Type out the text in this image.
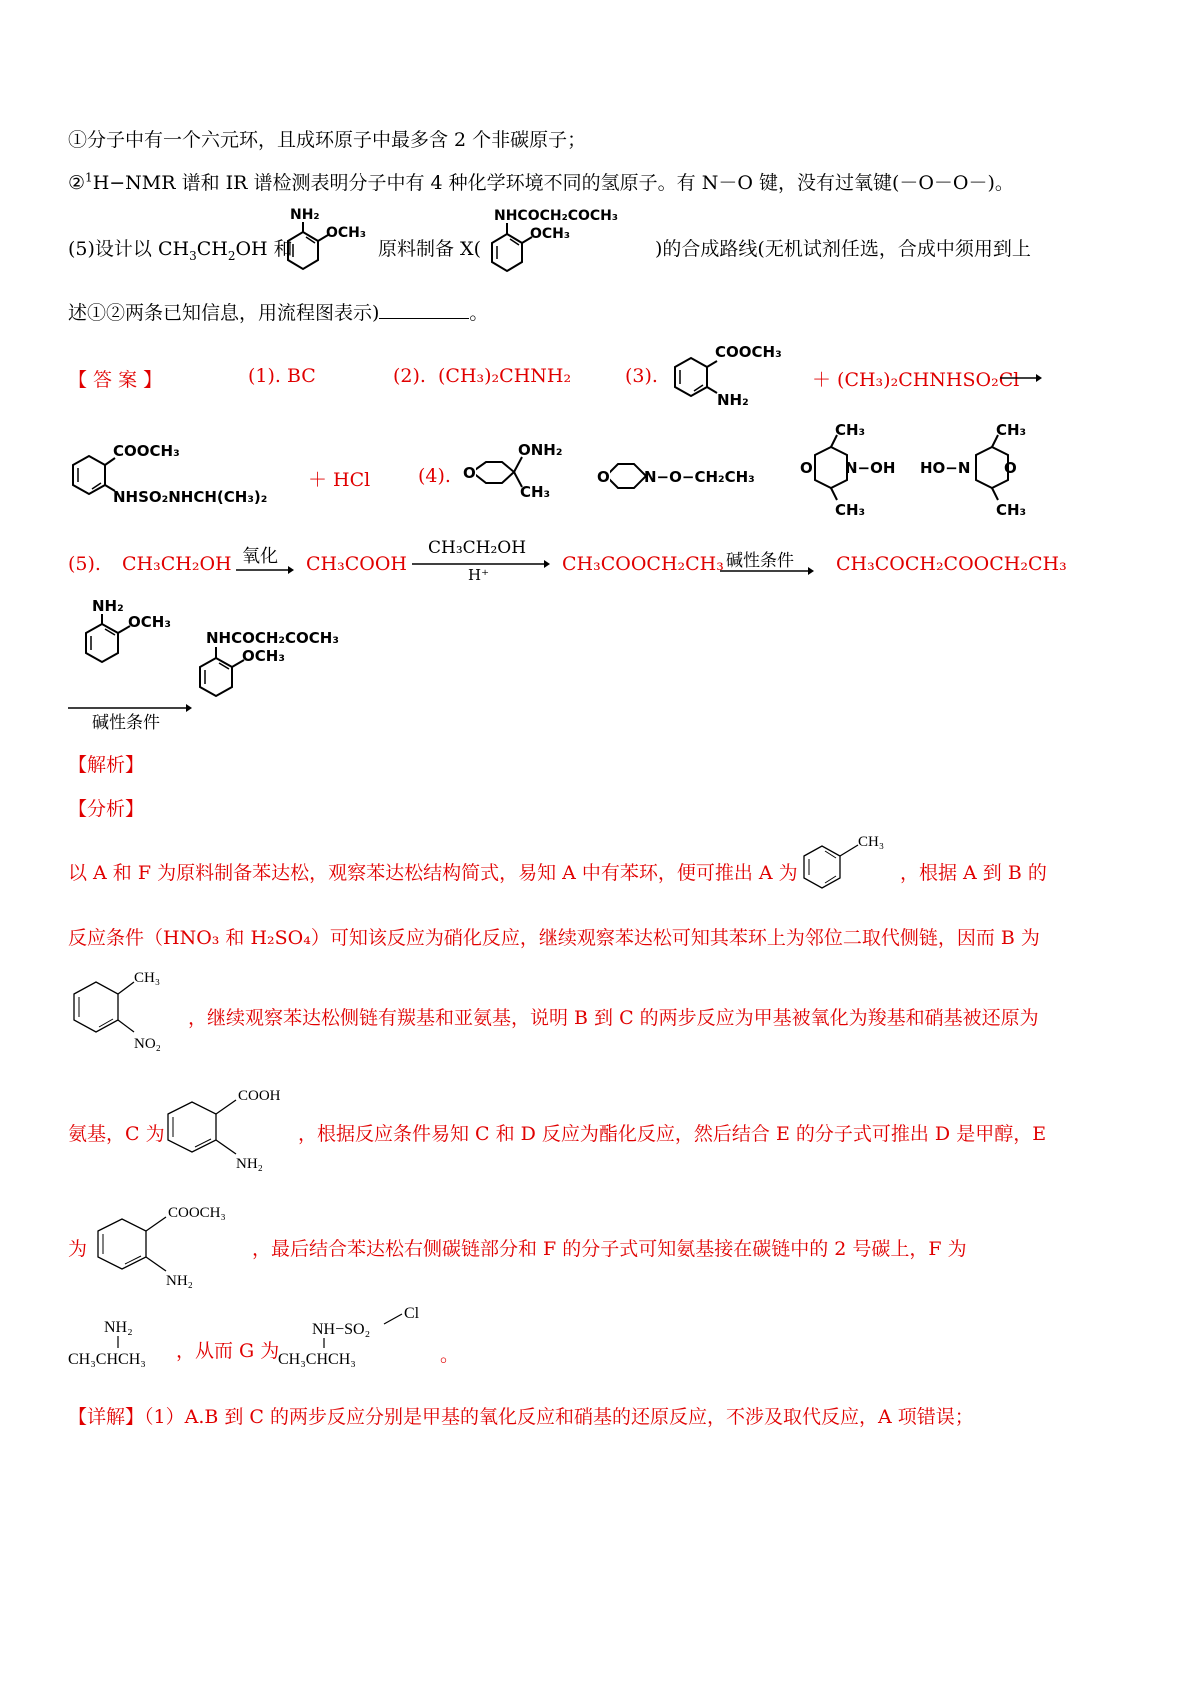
①分子中有一个六元环，且成环原子中最多含 2 个非碳原子；
②$^1$H−NMR 谱和 IR 谱检测表明分子中有 4 种化学环境不同的氢原子。有 N－O 键，没有过氧键(－O－O－)。
(5)设计以 $CH_3CH_2OH$ 和
NH₂
OCH₃
原料制备 X(
NHCOCH₂COCH₃
OCH₃
)的合成路线(无机试剂任选，合成中须用到上
述①②两条已知信息，用流程图表示)	。
【 答 案 】	(1). BC	(2). (CH₃)₂CHNH₂	(3).
COOCH₃
NH₂
＋ (CH₃)₂CHNHSO₂Cl
COOCH₃
NHSO₂NHCH(CH₃)₂
＋ HCl	(4). O
ONH₂
CH₃
O N−O−CH₂CH₃
CH₃
N−OH
O
CH₃
CH₃
HO−N O
CH₃
(5). CH₃CH₂OH 氧化 CH₃COOH
CH₃CH₂OH
H⁺	CH₃COOCH₂CH₃ 碱性条件 CH₃COCH₂COOCH₂CH₃
NH₂
OCH₃
碱性条件
NHCOCH₂COCH₃
OCH₃
【解析】
【分析】
以 A 和 F 为原料制备苯达松，观察苯达松结构简式，易知 A 中有苯环，便可推出 A 为
CH₃
，根据 A 到 B 的
反应条件（HNO₃ 和 H₂SO₄）可知该反应为硝化反应，继续观察苯达松可知其苯环上为邻位二取代侧链，因而 B 为
CH₃
NO₂
，继续观察苯达松侧链有羰基和亚氨基，说明 B 到 C 的两步反应为甲基被氧化为羧基和硝基被还原为
氨基，C 为
COOH
NH₂
，根据反应条件易知 C 和 D 反应为酯化反应，然后结合 E 的分子式可推出 D 是甲醇，E
为
COOCH₃
NH₂
，最后结合苯达松右侧碳链部分和 F 的分子式可知氨基接在碳链中的 2 号碳上，F 为
NH₂
CH₃CHCH₃ ，从而 G 为
NH−SO₂
Cl
CH₃CHCH₃	。
【详解】（1）A.B 到 C 的两步反应分别是甲基的氧化反应和硝基的还原反应，不涉及取代反应，A 项错误；
